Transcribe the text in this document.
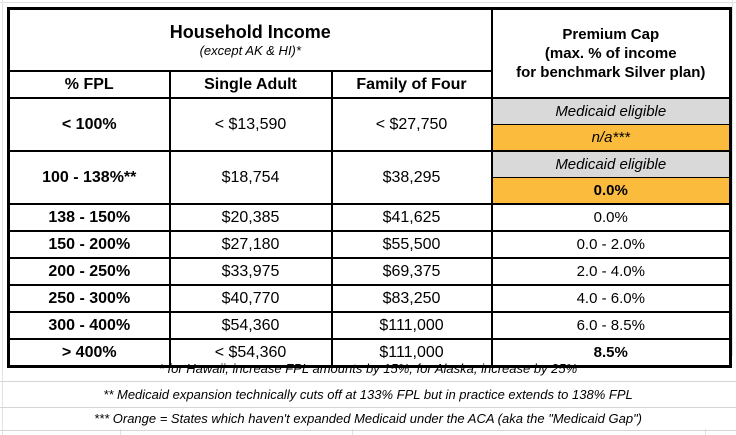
Household Income
(except AK & HI)*

Premium Cap
(max. % of income
for benchmark Silver plan)

% FPL	Single Adult	Family of Four	
< 100%	< $13,590	< $27,750	Medicaid eligible
			n/a***
100 - 138%**	$18,754	$38,295	Medicaid eligible
			0.0%
138 - 150%	$20,385	$41,625	0.0%
150 - 200%	$27,180	$55,500	0.0 - 2.0%
200 - 250%	$33,975	$69,375	2.0 - 4.0%
250 - 300%	$40,770	$83,250	4.0 - 6.0%
300 - 400%	$54,360	$111,000	6.0 - 8.5%
> 400%	< $54,360	$111,000	8.5%
* for Hawaii, increase FPL amounts by 15%; for Alaska, increase by 25%
** Medicaid expansion technically cuts off at 133% FPL but in practice extends to 138% FPL
*** Orange = States which haven't expanded Medicaid under the ACA (aka the "Medicaid Gap")
